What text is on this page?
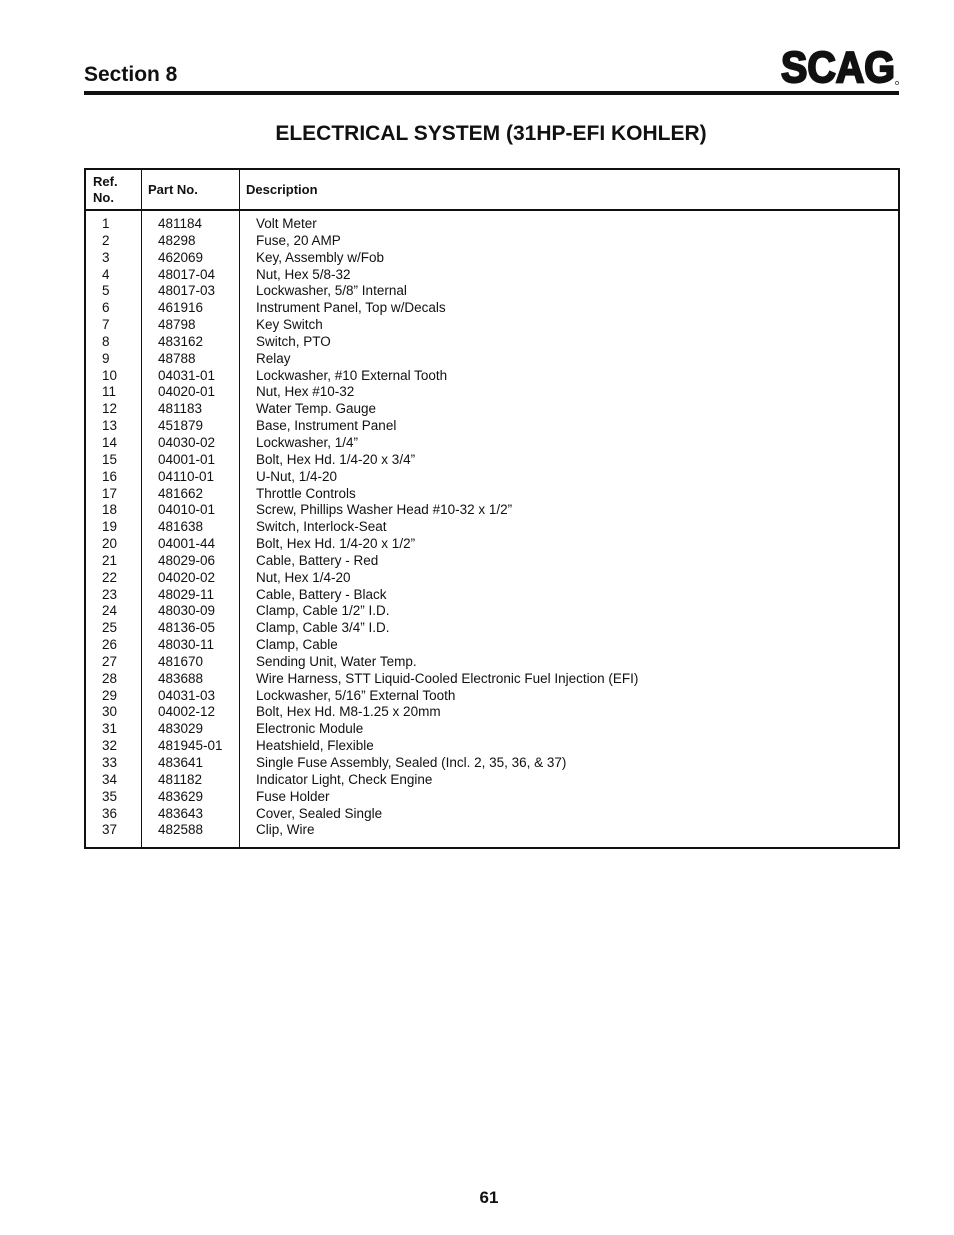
Section 8	SCAG
ELECTRICAL SYSTEM (31HP-EFI KOHLER)
Ref.
No.
Part No.	Description
1	481184	Volt Meter
2	48298	Fuse, 20 AMP
3	462069	Key, Assembly w/Fob
4	48017-04	Nut, Hex 5/8-32
5	48017-03	Lockwasher, 5/8” Internal
6	461916	Instrument Panel, Top w/Decals
7	48798	Key Switch
8	483162	Switch, PTO
9	48788	Relay
10	04031-01	Lockwasher, #10 External Tooth
11	04020-01	Nut, Hex #10-32
12	481183	Water Temp. Gauge
13	451879	Base, Instrument Panel
14	04030-02	Lockwasher, 1/4”
15	04001-01	Bolt, Hex Hd. 1/4-20 x 3/4”
16	04110-01	U-Nut, 1/4-20
17	481662	Throttle Controls
18	04010-01	Screw, Phillips Washer Head #10-32 x 1/2”
19	481638	Switch, Interlock-Seat
20	04001-44	Bolt, Hex Hd. 1/4-20 x 1/2”
21	48029-06	Cable, Battery - Red
22	04020-02	Nut, Hex 1/4-20
23	48029-11	Cable, Battery - Black
24	48030-09	Clamp, Cable 1/2” I.D.
25	48136-05	Clamp, Cable 3/4” I.D.
26	48030-11	Clamp, Cable
27	481670	Sending Unit, Water Temp.
28	483688	Wire Harness, STT Liquid-Cooled Electronic Fuel Injection (EFI)
29	04031-03	Lockwasher, 5/16” External Tooth
30	04002-12	Bolt, Hex Hd. M8-1.25 x 20mm
31	483029	Electronic Module
32	481945-01 Heatshield, Flexible
33	483641	Single Fuse Assembly, Sealed (Incl. 2, 35, 36, & 37)
34	481182	Indicator Light, Check Engine
35	483629	Fuse Holder
36	483643	Cover, Sealed Single
37	482588	Clip, Wire
61
